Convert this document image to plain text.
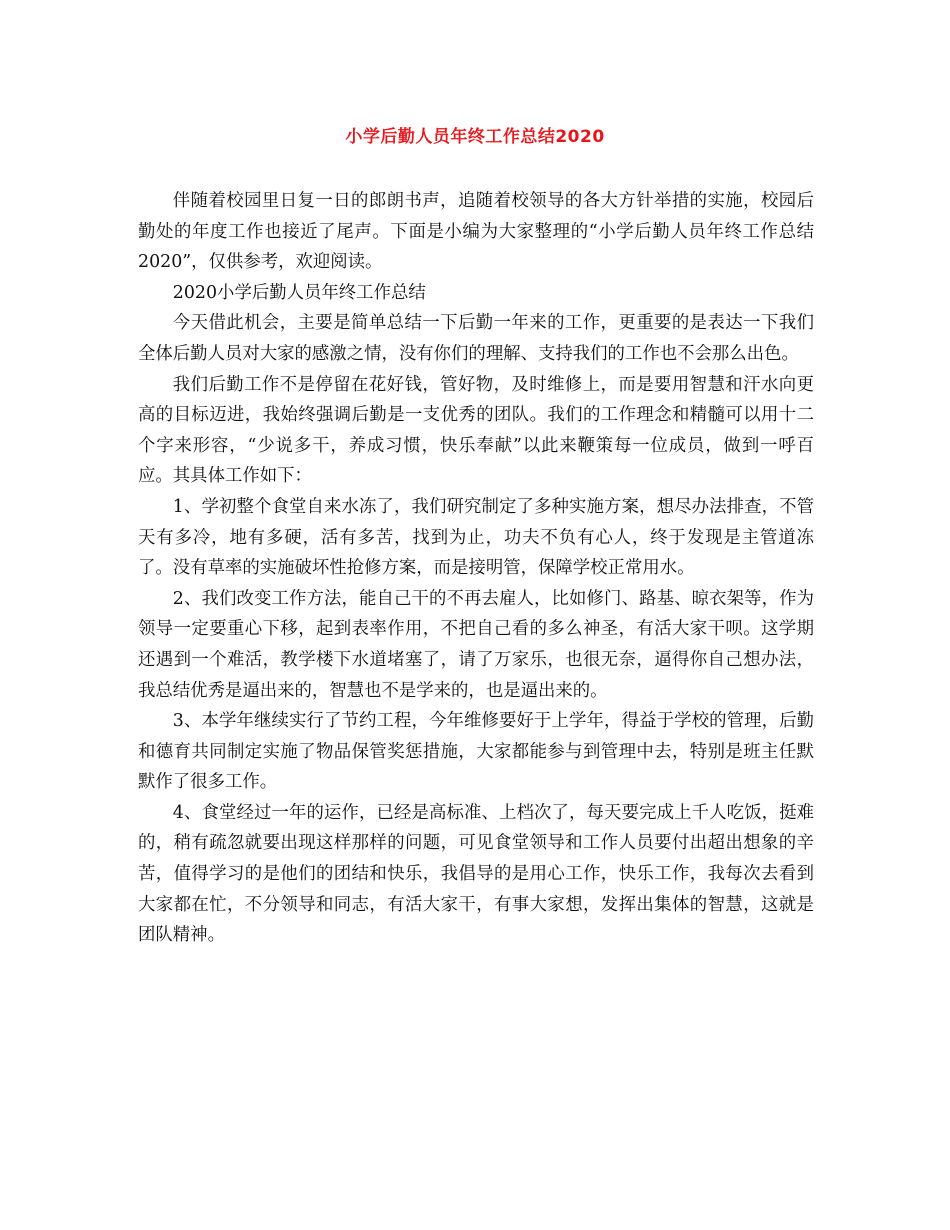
小学后勤人员年终工作总结2020

伴随着校园里日复一日的郎朗书声，追随着校领导的各大方针举措的实施，校园后勤处的年度工作也接近了尾声。下面是小编为大家整理的“小学后勤人员年终工作总结2020”，仅供参考，欢迎阅读。

2020小学后勤人员年终工作总结

今天借此机会，主要是简单总结一下后勤一年来的工作，更重要的是表达一下我们全体后勤人员对大家的感激之情，没有你们的理解、支持我们的工作也不会那么出色。

我们后勤工作不是停留在花好钱，管好物，及时维修上，而是要用智慧和汗水向更高的目标迈进，我始终强调后勤是一支优秀的团队。我们的工作理念和精髓可以用十二个字来形容，“少说多干，养成习惯，快乐奉献”以此来鞭策每一位成员，做到一呼百应。其具体工作如下：

1、学初整个食堂自来水冻了，我们研究制定了多种实施方案，想尽办法排查，不管天有多冷，地有多硬，活有多苦，找到为止，功夫不负有心人，终于发现是主管道冻了。没有草率的实施破坏性抢修方案，而是接明管，保障学校正常用水。

2、我们改变工作方法，能自己干的不再去雇人，比如修门、路基、晾衣架等，作为领导一定要重心下移，起到表率作用，不把自己看的多么神圣，有活大家干呗。这学期还遇到一个难活，教学楼下水道堵塞了，请了万家乐，也很无奈，逼得你自己想办法，我总结优秀是逼出来的，智慧也不是学来的，也是逼出来的。

3、本学年继续实行了节约工程，今年维修要好于上学年，得益于学校的管理，后勤和德育共同制定实施了物品保管奖惩措施，大家都能参与到管理中去，特别是班主任默默作了很多工作。

4、食堂经过一年的运作，已经是高标准、上档次了，每天要完成上千人吃饭，挺难的，稍有疏忽就要出现这样那样的问题，可见食堂领导和工作人员要付出超出想象的辛苦，值得学习的是他们的团结和快乐，我倡导的是用心工作，快乐工作，我每次去看到大家都在忙，不分领导和同志，有活大家干，有事大家想，发挥出集体的智慧，这就是团队精神。
